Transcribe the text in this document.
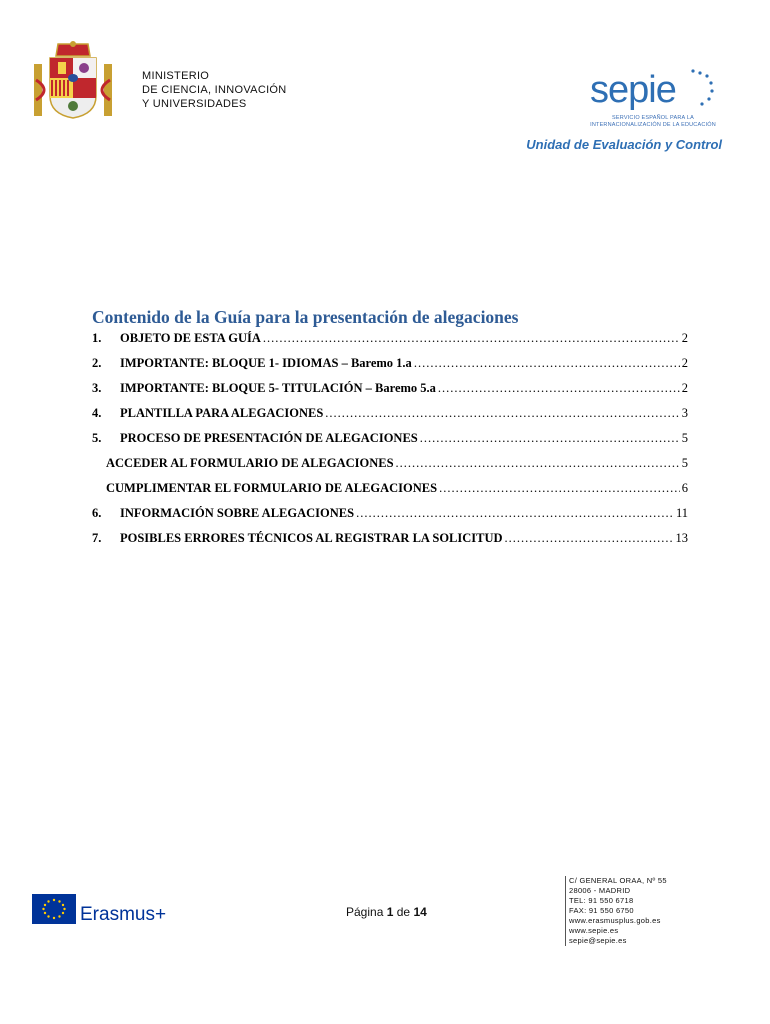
MINISTERIO
DE CIENCIA, INNOVACIÓN
Y UNIVERSIDADES	sepie
SERVICIO ESPAÑOL PARA LA
INTERNACIONALIZACIÓN DE LA EDUCACIÓN
Unidad de Evaluación y Control
Contenido de la Guía para la presentación de alegaciones
1.	OBJETO DE ESTA GUÍA .....	2
2.	IMPORTANTE: BLOQUE 1- IDIOMAS – Baremo 1.a .....	2
3.	IMPORTANTE: BLOQUE 5- TITULACIÓN – Baremo 5.a .....	2
4.	PLANTILLA PARA ALEGACIONES .....	3
5.	PROCESO DE PRESENTACIÓN DE ALEGACIONES .....	5
ACCEDER AL FORMULARIO DE ALEGACIONES .....	5
CUMPLIMENTAR EL FORMULARIO DE ALEGACIONES .....	6
6.	INFORMACIÓN SOBRE ALEGACIONES .....	11
7.	POSIBLES ERRORES TÉCNICOS AL REGISTRAR LA SOLICITUD .....	13
Erasmus+	Página 1 de 14
C/ GENERAL ORAA, Nº 55
28006 - MADRID
TEL: 91 550 6718
FAX: 91 550 6750
www.erasmusplus.gob.es
www.sepie.es
sepie@sepie.es
